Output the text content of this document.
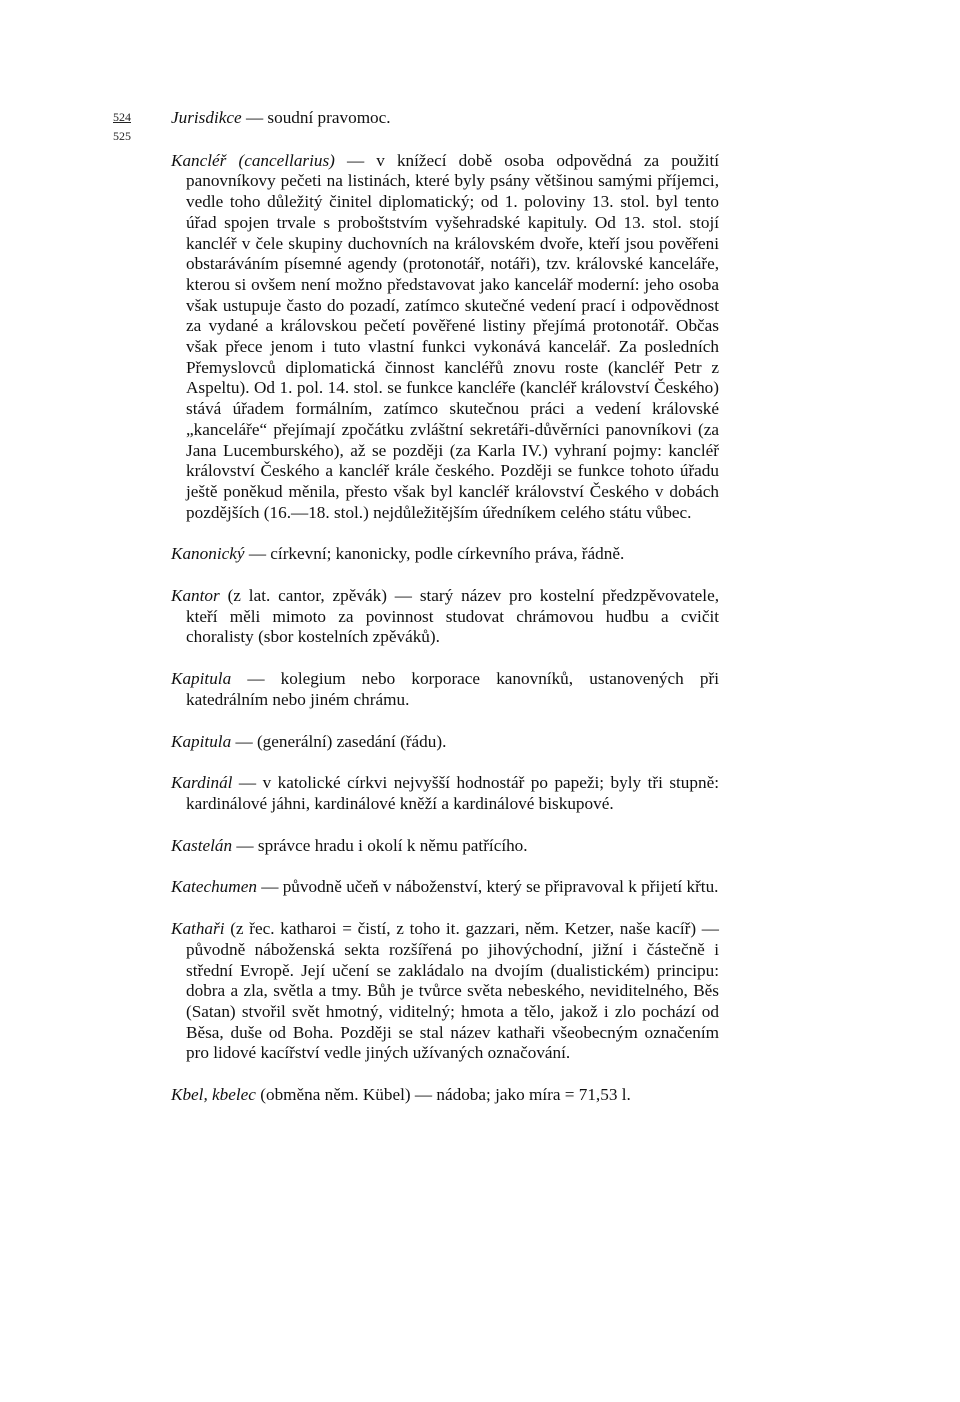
524
525

Jurisdikce — soudní pravomoc.

Kancléř (cancellarius) — v knížecí době osoba odpovědná za použití panovníkovy pečeti na listinách, které byly psány většinou samými příjemci, vedle toho důležitý činitel diplomatický; od 1. poloviny 13. stol. byl tento úřad spojen trvale s proboštstvím vyšehradské kapituly. Od 13. stol. stojí kancléř v čele skupiny duchovních na královském dvoře, kteří jsou pověřeni obstaráváním písemné agendy (protonotář, notáři), tzv. královské kanceláře, kterou si ovšem není možno představovat jako kancelář moderní: jeho osoba však ustupuje často do pozadí, zatímco skutečné vedení prací i odpovědnost za vydané a královskou pečetí pověřené listiny přejímá protonotář. Občas však přece jenom i tuto vlastní funkci vykonává kancelář. Za posledních Přemyslovců diplomatická činnost kancléřů znovu roste (kancléř Petr z Aspeltu). Od 1. pol. 14. stol. se funkce kancléře (kancléř království Českého) stává úřadem formálním, zatímco skutečnou práci a vedení královské „kanceláře“ přejímají zpočátku zvláštní sekretáři-důvěrníci panovníkovi (za Jana Lucemburského), až se později (za Karla IV.) vyhraní pojmy: kancléř království Českého a kancléř krále českého. Později se funkce tohoto úřadu ještě poněkud měnila, přesto však byl kancléř království Českého v dobách pozdějších (16.—18. stol.) nejdůležitějším úředníkem celého státu vůbec.

Kanonický — církevní; kanonicky, podle církevního práva, řádně.

Kantor (z lat. cantor, zpěvák) — starý název pro kostelní předzpěvovatele, kteří měli mimoto za povinnost studovat chrámovou hudbu a cvičit choralisty (sbor kostelních zpěváků).

Kapitula — kolegium nebo korporace kanovníků, ustanovených při katedrálním nebo jiném chrámu.

Kapitula — (generální) zasedání (řádu).

Kardinál — v katolické církvi nejvyšší hodnostář po papeži; byly tři stupně: kardinálové jáhni, kardinálové kněží a kardinálové biskupové.

Kastelán — správce hradu i okolí k němu patřícího.

Katechumen — původně učeň v náboženství, který se připravoval k přijetí křtu.

Kathaři (z řec. katharoi = čistí, z toho it. gazzari, něm. Ketzer, naše kacíř) — původně náboženská sekta rozšířená po jihovýchodní, jižní i částečně i střední Evropě. Její učení se zakládalo na dvojím (dualistickém) principu: dobra a zla, světla a tmy. Bůh je tvůrce světa nebeského, neviditelného, Běs (Satan) stvořil svět hmotný, viditelný; hmota a tělo, jakož i zlo pochází od Běsa, duše od Boha. Později se stal název kathaři všeobecným označením pro lidové kacířství vedle jiných užívaných označování.

Kbel, kbelec (obměna něm. Kübel) — nádoba; jako míra = 71,53 l.
